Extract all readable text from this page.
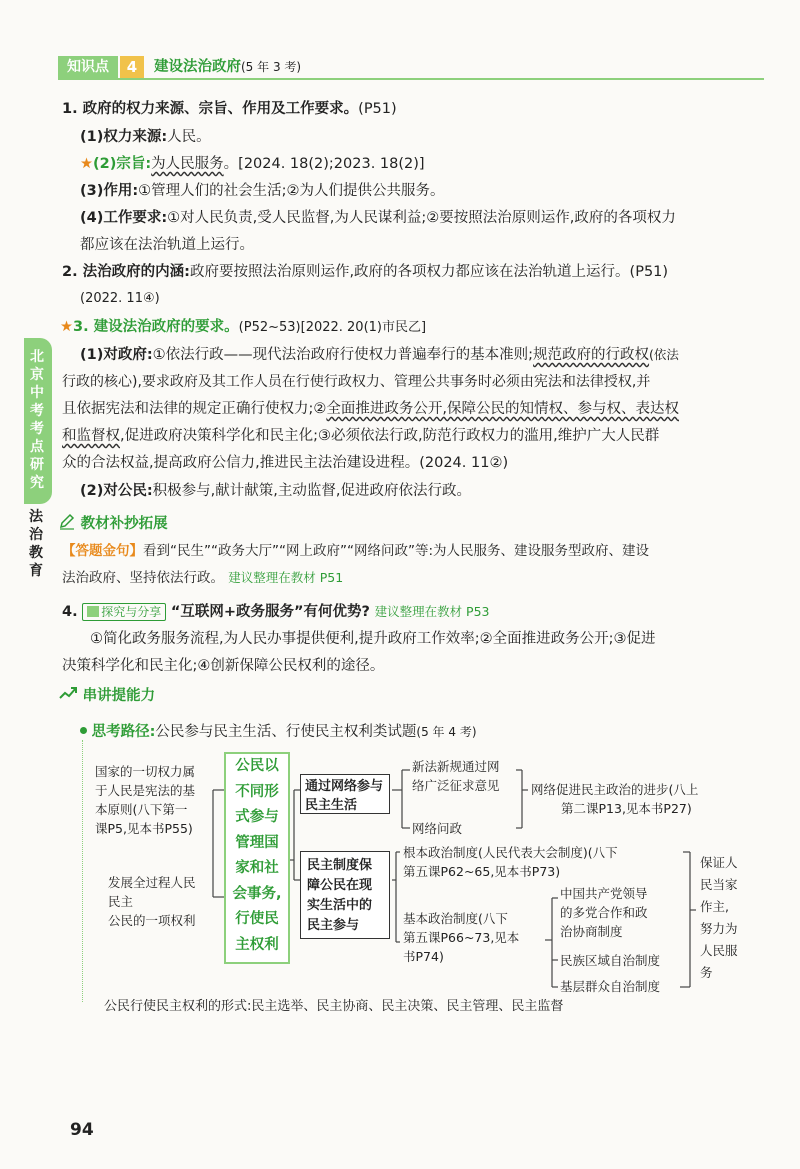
知识点	4	建设法治政府(5 年 3 考)
北京中考考点研究
法治教育
1. 政府的权力来源、宗旨、作用及工作要求。(P51)
(1)权力来源:人民。
★(2)宗旨:为人民服务。[2024. 18(2);2023. 18(2)]
(3)作用:①管理人们的社会生活;②为人们提供公共服务。
(4)工作要求:①对人民负责,受人民监督,为人民谋利益;②要按照法治原则运作,政府的各项权力
都应该在法治轨道上运行。
2. 法治政府的内涵:政府要按照法治原则运作,政府的各项权力都应该在法治轨道上运行。(P51)
(2022. 11④)
★3. 建设法治政府的要求。(P52~53)[2022. 20(1)市民乙]
(1)对政府:①依法行政——现代法治政府行使权力普遍奉行的基本准则;规范政府的行政权(依法
行政的核心),要求政府及其工作人员在行使行政权力、管理公共事务时必须由宪法和法律授权,并
且依据宪法和法律的规定正确行使权力;②全面推进政务公开,保障公民的知情权、参与权、表达权
和监督权,促进政府决策科学化和民主化;③必须依法行政,防范行政权力的滥用,维护广大人民群
众的合法权益,提高政府公信力,推进民主法治建设进程。(2024. 11②)
(2)对公民:积极参与,献计献策,主动监督,促进政府依法行政。
教材补抄拓展
【答题金句】看到“民生”“政务大厅”“网上政府”“网络问政”等:为人民服务、建设服务型政府、建设
法治政府、坚持依法行政。 建议整理在教材 P51
4. 探究与分享 “互联网+政务服务”有何优势? 建议整理在教材 P53
①简化政务服务流程,为人民办事提供便利,提升政府工作效率;②全面推进政务公开;③促进
决策科学化和民主化;④创新保障公民权利的途径。
串讲提能力
思考路径:公民参与民主生活、行使民主权利类试题(5 年 4 考)
国家的一切权力属
于人民是宪法的基
本原则(八下第一
课P5,见本书P55)
发展全过程人民
民主
公民的一项权利
公民以
不同形
式参与
管理国
家和社
会事务,
行使民
主权利
通过网络参与
民主生活
民主制度保
障公民在现
实生活中的
民主参与
新法新规通过网
络广泛征求意见
网络问政
网络促进民主政治的进步(八上
第二课P13,见本书P27)
根本政治制度(人民代表大会制度)(八下
第五课P62~65,见本书P73)
基本政治制度(八下
第五课P66~73,见本
书P74)
中国共产党领导
的多党合作和政
治协商制度
民族区域自治制度
基层群众自治制度
保证人
民当家
作主,
努力为
人民服
务
公民行使民主权利的形式:民主选举、民主协商、民主决策、民主管理、民主监督
94
